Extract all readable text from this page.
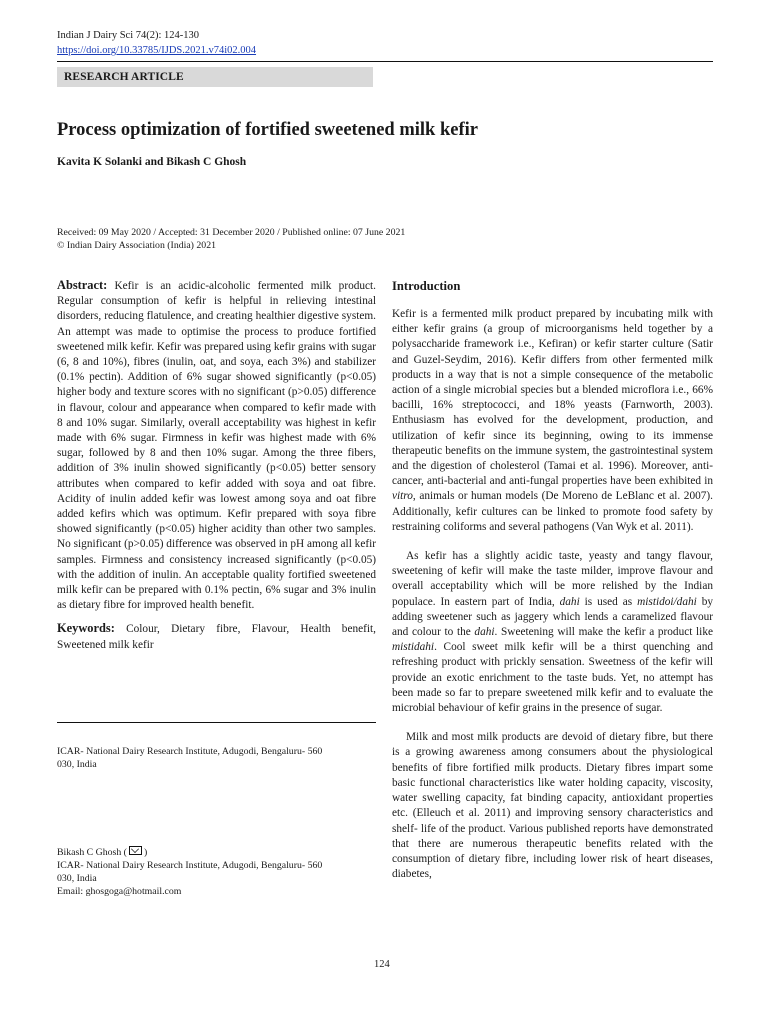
Indian J Dairy Sci 74(2): 124-130
https://doi.org/10.33785/IJDS.2021.v74i02.004
RESEARCH ARTICLE
Process optimization of fortified sweetened milk kefir
Kavita K Solanki and Bikash C Ghosh
Received: 09 May 2020 / Accepted: 31 December 2020 / Published online: 07 June 2021
© Indian Dairy Association (India) 2021

Abstract: Kefir is an acidic-alcoholic fermented milk product. Regular consumption of kefir is helpful in relieving intestinal disorders, reducing flatulence, and creating healthier digestive system. An attempt was made to optimise the process to produce fortified sweetened milk kefir. Kefir was prepared using kefir grains with sugar (6, 8 and 10%), fibres (inulin, oat, and soya, each 3%) and stabilizer (0.1% pectin). Addition of 6% sugar showed significantly (p<0.05) higher body and texture scores with no significant (p>0.05) difference in flavour, colour and appearance when compared to kefir made with 8 and 10% sugar. Similarly, overall acceptability was highest in kefir made with 6% sugar. Firmness in kefir was highest made with 6% sugar, followed by 8 and then 10% sugar. Among the three fibers, addition of 3% inulin showed significantly (p<0.05) better sensory attributes when compared to kefir added with soya and oat fibre. Acidity of inulin added kefir was lowest among soya and oat fibre added kefirs which was optimum. Kefir prepared with soya fibre showed significantly (p<0.05) higher acidity than other two samples. No significant (p>0.05) difference was observed in pH among all kefir samples. Firmness and consistency increased significantly (p<0.05) with the addition of inulin. An acceptable quality fortified sweetened milk kefir can be prepared with 0.1% pectin, 6% sugar and 3% inulin as dietary fibre for improved health benefit.

Keywords: Colour, Dietary fibre, Flavour, Health benefit, Sweetened milk kefir

ICAR- National Dairy Research Institute, Adugodi, Bengaluru- 560
030, India
Bikash C Ghosh ( )
ICAR- National Dairy Research Institute, Adugodi, Bengaluru- 560
030, India
Email: ghosgoga@hotmail.com
Introduction

Kefir is a fermented milk product prepared by incubating milk with either kefir grains (a group of microorganisms held together by a polysaccharide framework i.e., Kefiran) or kefir starter culture (Satir and Guzel-Seydim, 2016). Kefir differs from other fermented milk products in a way that is not a simple consequence of the metabolic action of a single microbial species but a blended microflora i.e., 66% bacilli, 16% streptococci, and 18% yeasts (Farnworth, 2003). Enthusiasm has evolved for the development, production, and utilization of kefir since its beginning, owing to its immense therapeutic benefits on the immune system, the gastrointestinal system and the digestion of cholesterol (Tamai et al. 1996). Moreover, anti-cancer, anti-bacterial and anti-fungal properties have been exhibited in vitro, animals or human models (De Moreno de LeBlanc et al. 2007). Additionally, kefir cultures can be linked to promote food safety by restraining coliforms and several pathogens (Van Wyk et al. 2011).

As kefir has a slightly acidic taste, yeasty and tangy flavour, sweetening of kefir will make the taste milder, improve flavour and overall acceptability which will be more relished by the Indian populace. In eastern part of India, dahi is used as mistidoi/dahi by adding sweetener such as jaggery which lends a caramelized flavour and colour to the dahi. Sweetening will make the kefir a product like mistidahi. Cool sweet milk kefir will be a thirst quenching and refreshing product with prickly sensation. Sweetness of the kefir will provide an exotic enrichment to the taste buds. Yet, no attempt has been made so far to prepare sweetened milk kefir and to evaluate the microbial behaviour of kefir grains in the presence of sugar.

Milk and most milk products are devoid of dietary fibre, but there is a growing awareness among consumers about the physiological benefits of fibre fortified milk products. Dietary fibres impart some basic functional characteristics like water holding capacity, viscosity, water swelling capacity, fat binding capacity, antioxidant properties etc. (Elleuch et al. 2011) and improving sensory characteristics and shelf- life of the product. Various published reports have demonstrated that there are numerous therapeutic benefits related with the consumption of dietary fibre, including lower risk of heart diseases, diabetes,

124
